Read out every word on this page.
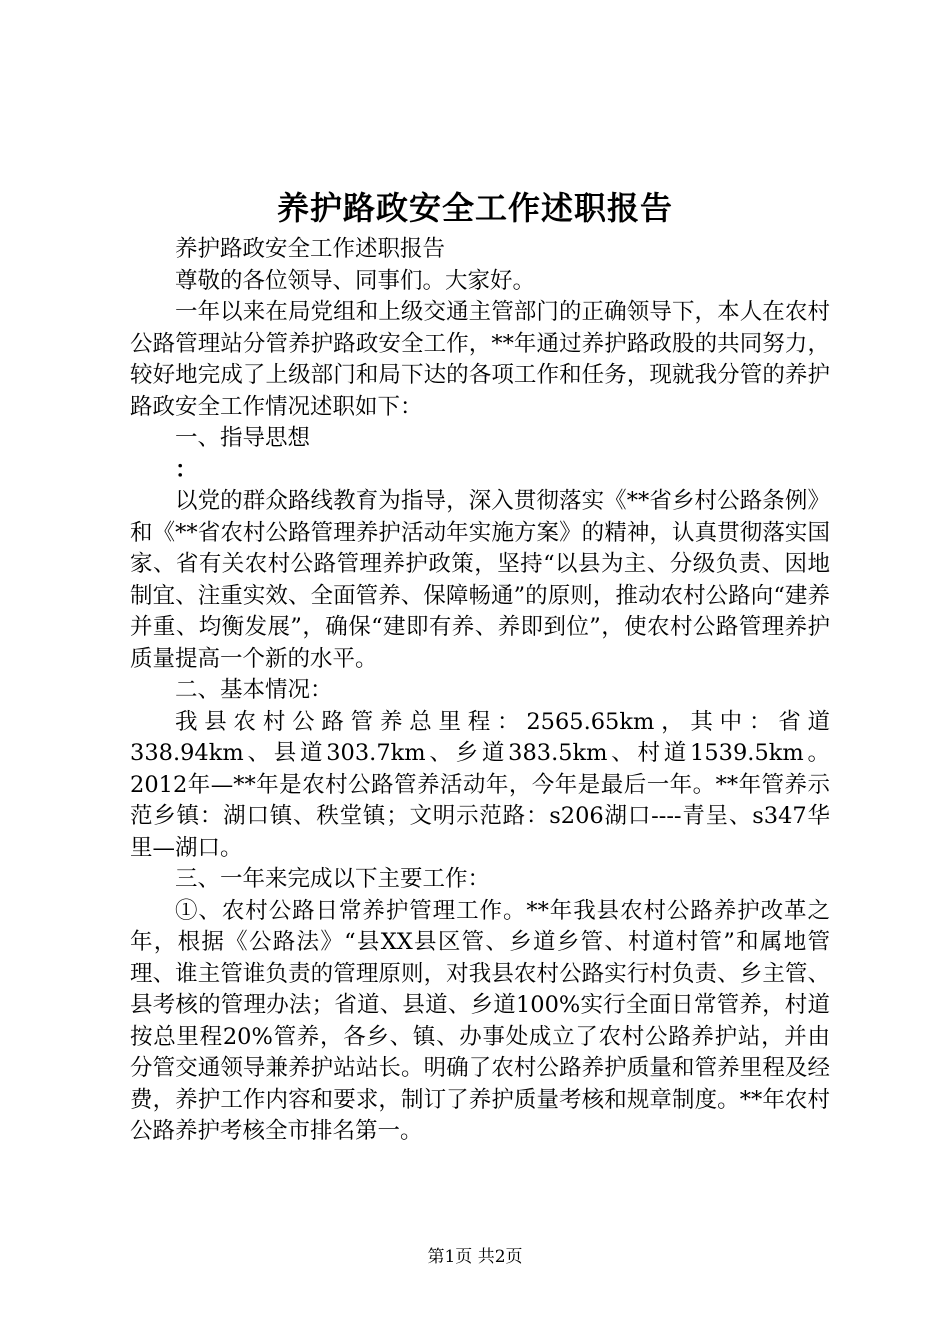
养护路政安全工作述职报告

养护路政安全工作述职报告

尊敬的各位领导、同事们。大家好。

一年以来在局党组和上级交通主管部门的正确领导下，本人在农村公路管理站分管养护路政安全工作，**年通过养护路政股的共同努力，较好地完成了上级部门和局下达的各项工作和任务，现就我分管的养护路政安全工作情况述职如下：

一、指导思想

：

以党的群众路线教育为指导，深入贯彻落实《**省乡村公路条例》和《**省农村公路管理养护活动年实施方案》的精神，认真贯彻落实国家、省有关农村公路管理养护政策，坚持“以县为主、分级负责、因地制宜、注重实效、全面管养、保障畅通”的原则，推动农村公路向“建养并重、均衡发展”，确保“建即有养、养即到位”，使农村公路管理养护质量提高一个新的水平。

二、基本情况：

我县农村公路管养总里程：2565.65km，其中：省道338.94km、县道303.7km、乡道383.5km、村道1539.5km。2012年—**年是农村公路管养活动年，今年是最后一年。**年管养示范乡镇：湖口镇、秩堂镇；文明示范路：s206湖口----青呈、s347华里—湖口。

三、一年来完成以下主要工作：

①、农村公路日常养护管理工作。**年我县农村公路养护改革之年，根据《公路法》“县XX县区管、乡道乡管、村道村管”和属地管理、谁主管谁负责的管理原则，对我县农村公路实行村负责、乡主管、县考核的管理办法；省道、县道、乡道100%实行全面日常管养，村道按总里程20%管养，各乡、镇、办事处成立了农村公路养护站，并由分管交通领导兼养护站站长。明确了农村公路养护质量和管养里程及经费，养护工作内容和要求，制订了养护质量考核和规章制度。**年农村公路养护考核全市排名第一。

第1页 共2页
